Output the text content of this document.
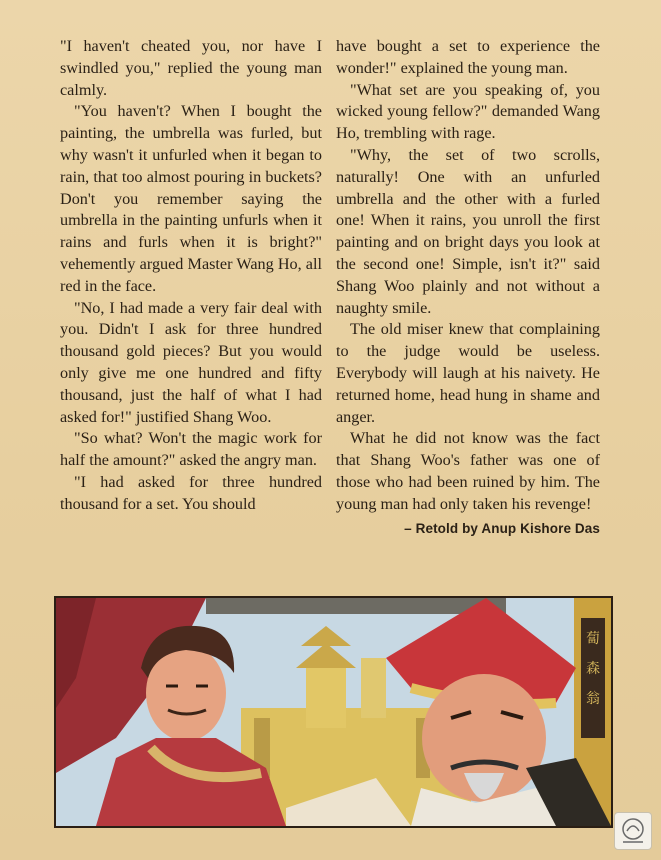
"I haven't cheated you, nor have I swindled you," replied the young man calmly.

"You haven't? When I bought the painting, the umbrella was furled, but why wasn't it unfurled when it began to rain, that too almost pouring in buckets? Don't you remember saying the umbrella in the painting unfurls when it rains and furls when it is bright?" vehemently argued Master Wang Ho, all red in the face.

"No, I had made a very fair deal with you. Didn't I ask for three hundred thousand gold pieces? But you would only give me one hundred and fifty thousand, just the half of what I had asked for!" justified Shang Woo.

"So what? Won't the magic work for half the amount?" asked the angry man.

"I had asked for three hundred thousand for a set. You should

have bought a set to experience the wonder!" explained the young man.

"What set are you speaking of, you wicked young fellow?" demanded Wang Ho, trembling with rage.

"Why, the set of two scrolls, naturally! One with an unfurled umbrella and the other with a furled one! When it rains, you unroll the first painting and on bright days you look at the second one! Simple, isn't it?" said Shang Woo plainly and not without a naughty smile.

The old miser knew that complaining to the judge would be useless. Everybody will laugh at his naivety. He returned home, head hung in shame and anger.

What he did not know was the fact that Shang Woo's father was one of those who had been ruined by him. The young man had only taken his revenge!

– Retold by Anup Kishore Das
蔔
森
翁
